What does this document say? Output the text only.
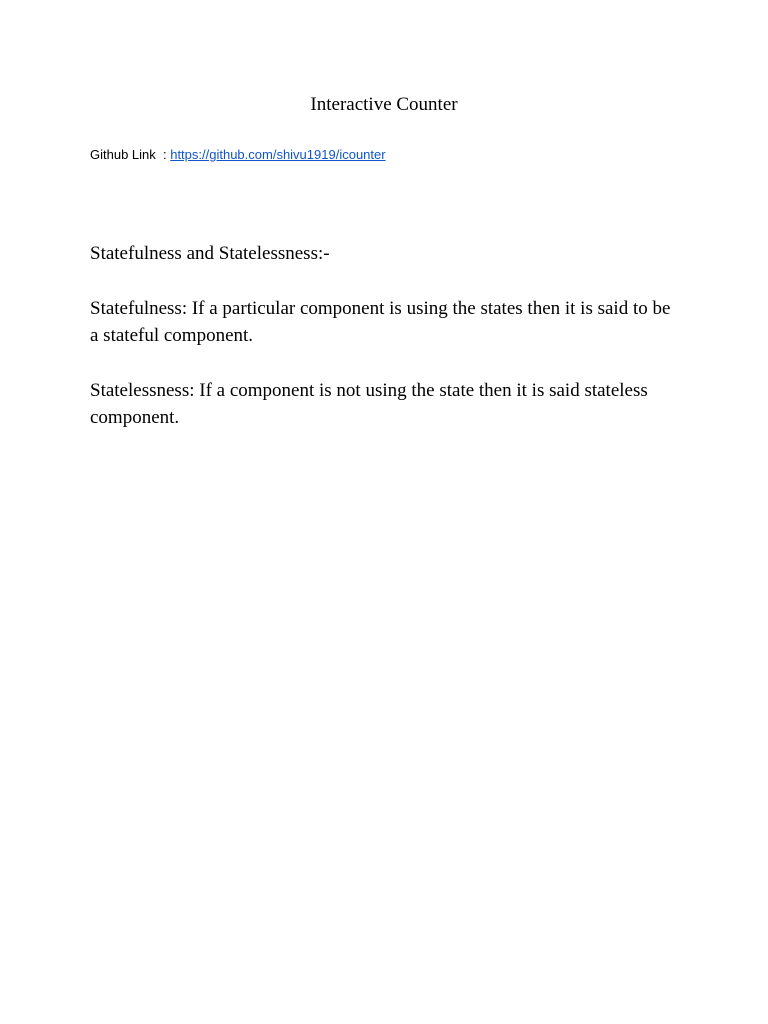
Interactive Counter
Github Link  : https://github.com/shivu1919/icounter

Statefulness and Statelessness:-

Statefulness: If a particular component is using the states then it is said to be a stateful component.

Statelessness: If a component is not using the state then it is said stateless component.
